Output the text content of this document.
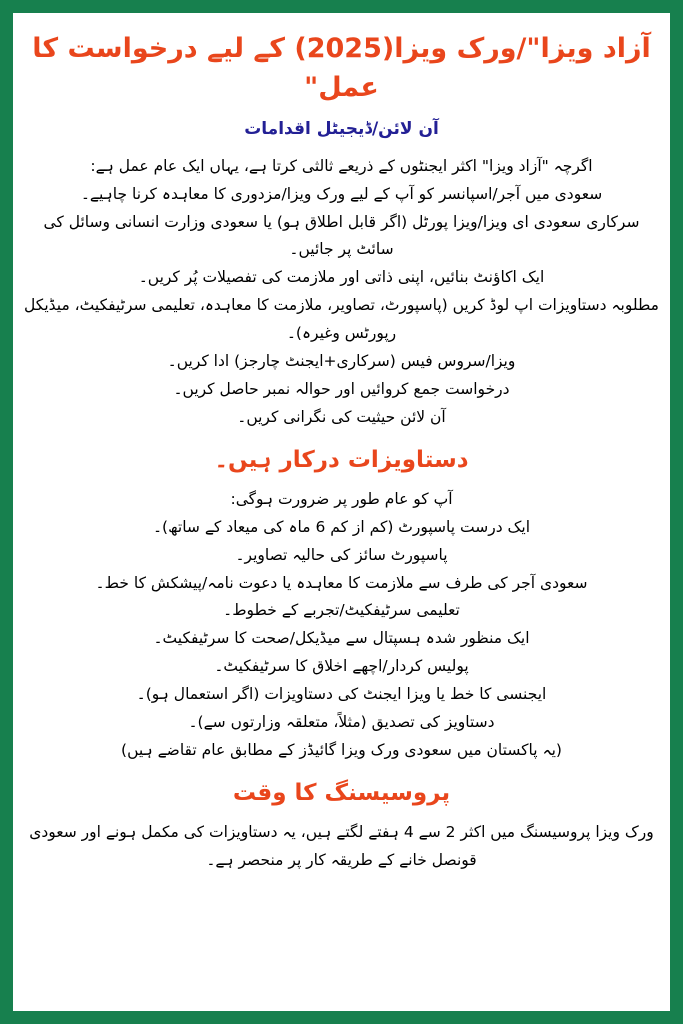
آزاد ویزا"/ورک ویزا(2025) کے لیے درخواست کا عمل"
آن لائن/ڈیجیٹل اقدامات

اگرچہ "آزاد ویزا" اکثر ایجنٹوں کے ذریعے ثالثی کرتا ہے، یہاں ایک عام عمل ہے:

سعودی میں آجر/اسپانسر کو آپ کے لیے ورک ویزا/مزدوری کا معاہدہ کرنا چاہیے۔

سرکاری سعودی ای ویزا/ویزا پورٹل (اگر قابل اطلاق ہو) یا سعودی وزارت انسانی وسائل کی سائٹ پر جائیں۔

ایک اکاؤنٹ بنائیں، اپنی ذاتی اور ملازمت کی تفصیلات پُر کریں۔

مطلوبہ دستاویزات اپ لوڈ کریں (پاسپورٹ، تصاویر، ملازمت کا معاہدہ، تعلیمی سرٹیفکیٹ، میڈیکل رپورٹس وغیرہ)۔

ویزا/سروس فیس (سرکاری+ایجنٹ چارجز) ادا کریں۔

درخواست جمع کروائیں اور حوالہ نمبر حاصل کریں۔

آن لائن حیثیت کی نگرانی کریں۔

دستاویزات درکار ہیں۔

آپ کو عام طور پر ضرورت ہوگی:

ایک درست پاسپورٹ (کم از کم 6 ماہ کی میعاد کے ساتھ)۔

پاسپورٹ سائز کی حالیہ تصاویر۔

سعودی آجر کی طرف سے ملازمت کا معاہدہ یا دعوت نامہ/پیشکش کا خط۔

تعلیمی سرٹیفکیٹ/تجربے کے خطوط۔

ایک منظور شدہ ہسپتال سے میڈیکل/صحت کا سرٹیفکیٹ۔

پولیس کردار/اچھے اخلاق کا سرٹیفکیٹ۔

ایجنسی کا خط یا ویزا ایجنٹ کی دستاویزات (اگر استعمال ہو)۔

دستاویز کی تصدیق (مثلاً، متعلقہ وزارتوں سے)۔

(یہ پاکستان میں سعودی ورک ویزا گائیڈز کے مطابق عام تقاضے ہیں)

پروسیسنگ کا وقت

ورک ویزا پروسیسنگ میں اکثر 2 سے 4 ہفتے لگتے ہیں، یہ دستاویزات کی مکمل ہونے اور سعودی قونصل خانے کے طریقہ کار پر منحصر ہے۔
